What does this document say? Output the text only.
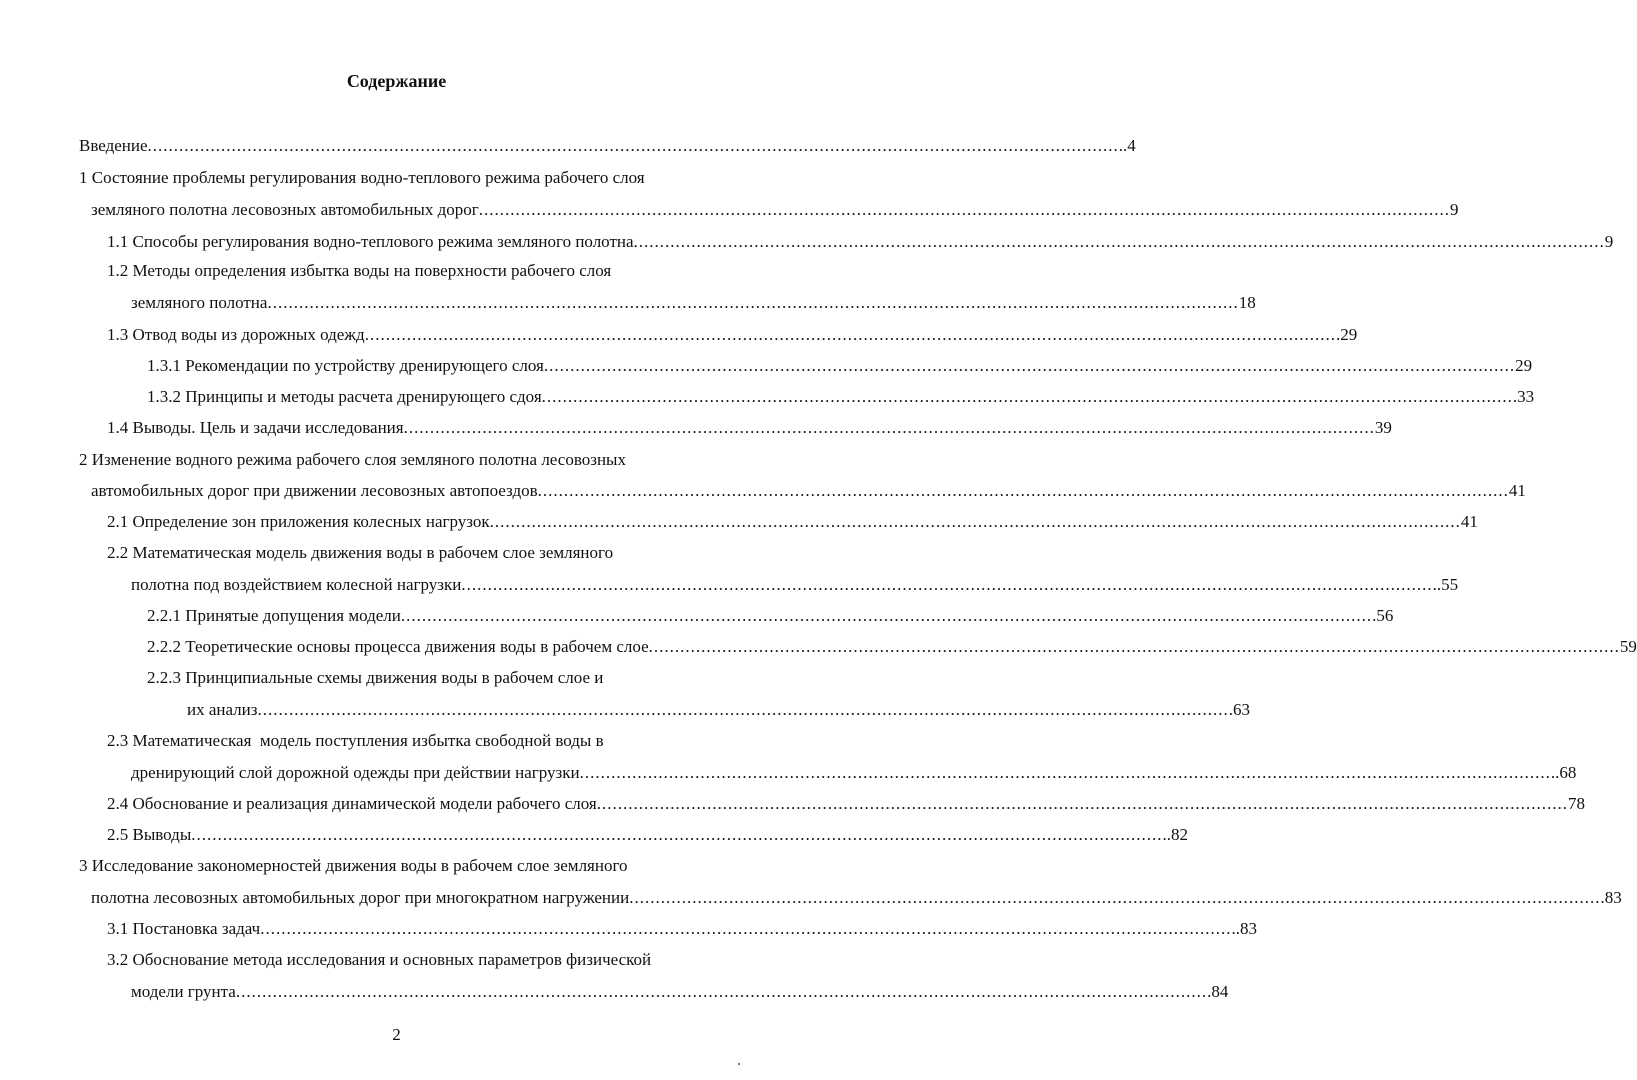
Содержание
Введение ......................................................................................................................................................................................... ..4
1 Состояние проблемы регулирования водно-теплового режима рабочего слоя
земляного полотна лесовозных автомобильных дорог ......................................................................................................................................................................................... 9
1.1 Способы регулирования водно-теплового режима земляного полотна ......................................................................................................................................................................................... 9
1.2 Методы определения избытка воды на поверхности рабочего слоя
земляного полотна ......................................................................................................................................................................................... 18
1.3 Отвод воды из дорожных одежд ......................................................................................................................................................................................... .29
1.3.1 Рекомендации по устройству дренирующего слоя ......................................................................................................................................................................................... 29
1.3.2 Принципы и методы расчета дренирующего сдоя ......................................................................................................................................................................................... .33
1.4 Выводы. Цель и задачи исследования ......................................................................................................................................................................................... 39
2 Изменение водного режима рабочего слоя земляного полотна лесовозных
автомобильных дорог при движении лесовозных автопоездов ......................................................................................................................................................................................... 41
2.1 Определение зон приложения колесных нагрузок ......................................................................................................................................................................................... 41
2.2 Математическая модель движения воды в рабочем слое земляного
полотна под воздействием колесной нагрузки ......................................................................................................................................................................................... ..55
2.2.1 Принятые допущения модели ......................................................................................................................................................................................... .56
2.2.2 Теоретические основы процесса движения воды в рабочем слое ......................................................................................................................................................................................... 59
2.2.3 Принципиальные схемы движения воды в рабочем слое и
их анализ ......................................................................................................................................................................................... .63
2.3 Математическая  модель поступления избытка свободной воды в
дренирующий слой дорожной одежды при действии нагрузки ......................................................................................................................................................................................... ..68
2.4 Обоснование и реализация динамической модели рабочего слоя ......................................................................................................................................................................................... 78
2.5 Выводы ......................................................................................................................................................................................... ..82
3 Исследование закономерностей движения воды в рабочем слое земляного
полотна лесовозных автомобильных дорог при многократном нагружении ......................................................................................................................................................................................... .83
3.1 Постановка задач ......................................................................................................................................................................................... ..83
3.2 Обоснование метода исследования и основных параметров физической
модели грунта ......................................................................................................................................................................................... .84
2
